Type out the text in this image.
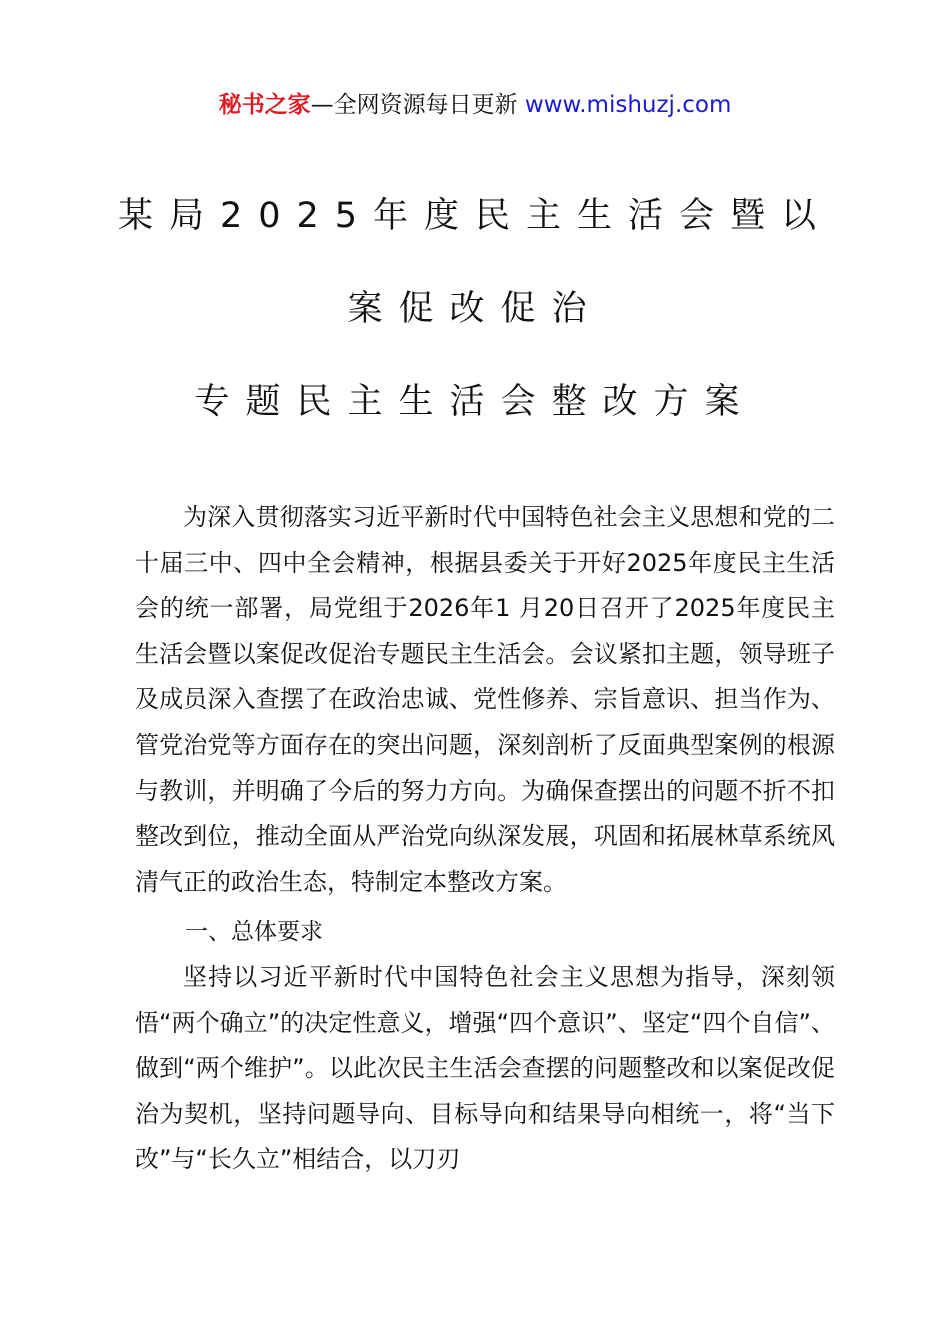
秘书之家—全网资源每日更新 www.mishuzj.com
某局2025年度民主生活会暨以
案促改促治
专题民主生活会整改方案

为深入贯彻落实习近平新时代中国特色社会主义思想和党的二十届三中、四中全会精神，根据县委关于开好2025年度民主生活会的统一部署，局党组于2026年1 月20日召开了2025年度民主生活会暨以案促改促治专题民主生活会。会议紧扣主题，领导班子及成员深入查摆了在政治忠诚、党性修养、宗旨意识、担当作为、管党治党等方面存在的突出问题，深刻剖析了反面典型案例的根源与教训，并明确了今后的努力方向。为确保查摆出的问题不折不扣整改到位，推动全面从严治党向纵深发展，巩固和拓展林草系统风清气正的政治生态，特制定本整改方案。

一、总体要求

坚持以习近平新时代中国特色社会主义思想为指导，深刻领悟“两个确立”的决定性意义，增强“四个意识”、坚定“四个自信”、做到“两个维护”。以此次民主生活会查摆的问题整改和以案促改促治为契机，坚持问题导向、目标导向和结果导向相统一，将“当下改”与“长久立”相结合，以刀刃
